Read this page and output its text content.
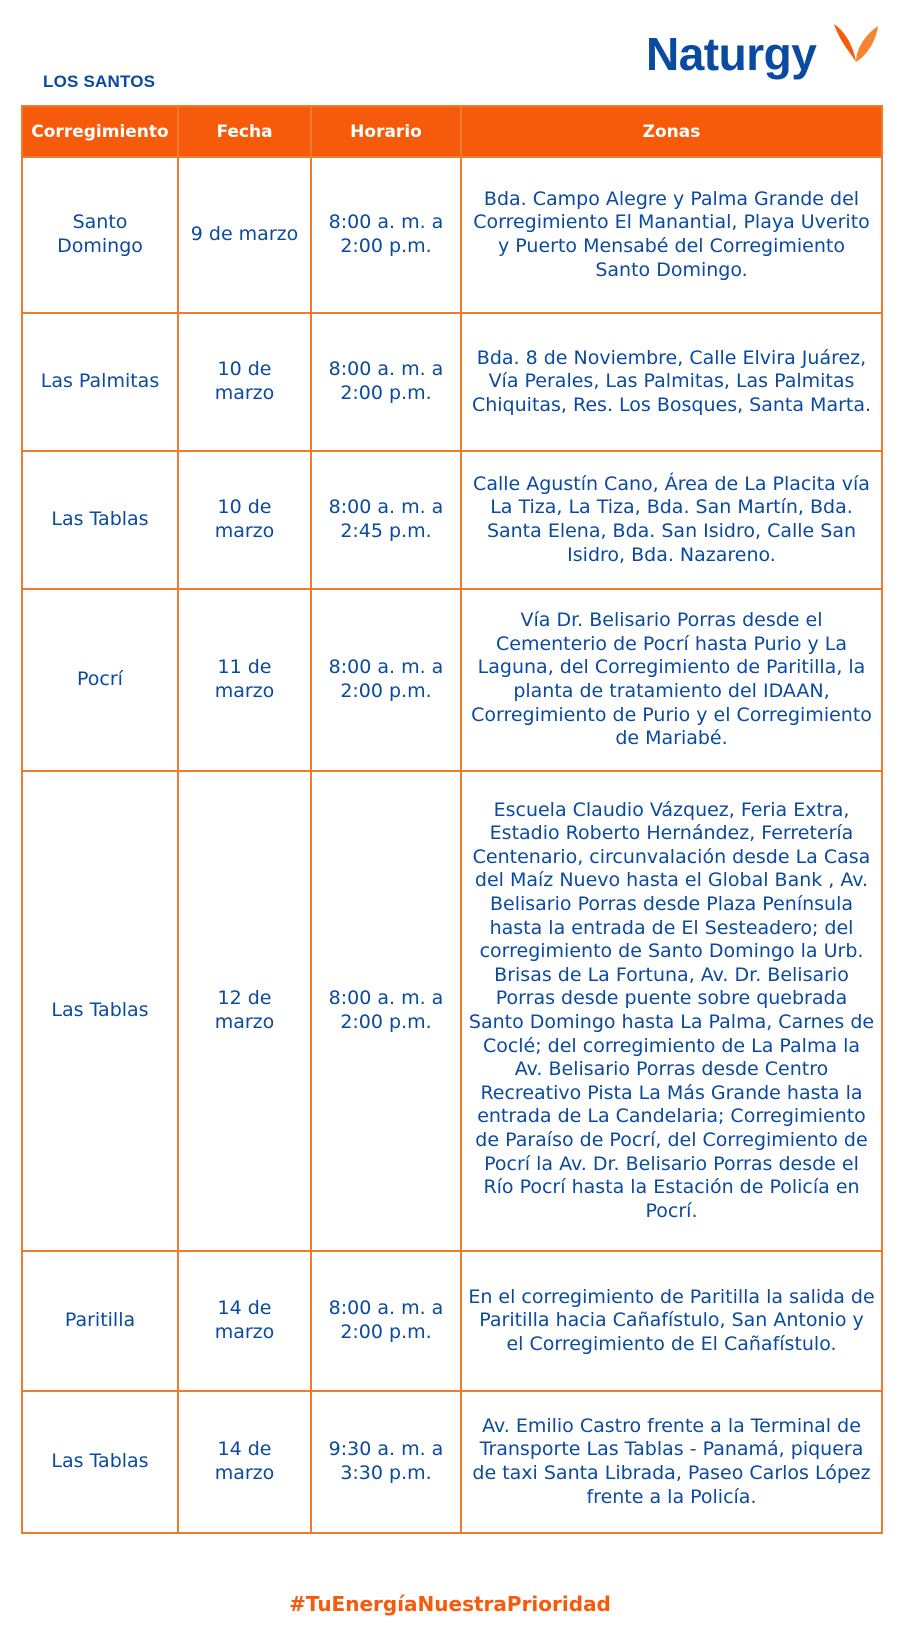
LOS SANTOS
Naturgy
Corregimiento	Fecha	Horario	Zonas
Santo Domingo	9 de marzo	8:00 a. m. a 2:00 p.m.	Bda. Campo Alegre y Palma Grande del Corregimiento El Manantial, Playa Uverito y Puerto Mensabé del Corregimiento Santo Domingo.
Las Palmitas	10 de marzo	8:00 a. m. a 2:00 p.m.	Bda. 8 de Noviembre, Calle Elvira Juárez, Vía Perales, Las Palmitas, Las Palmitas Chiquitas, Res. Los Bosques, Santa Marta.
Las Tablas	10 de marzo	8:00 a. m. a 2:45 p.m.	Calle Agustín Cano, Área de La Placita vía La Tiza, La Tiza, Bda. San Martín, Bda. Santa Elena, Bda. San Isidro, Calle San Isidro, Bda. Nazareno.
Pocrí	11 de marzo	8:00 a. m. a 2:00 p.m.	Vía Dr. Belisario Porras desde el Cementerio de Pocrí hasta Purio y La Laguna, del Corregimiento de Paritilla, la planta de tratamiento del IDAAN, Corregimiento de Purio y el Corregimiento de Mariabé.
Las Tablas	12 de marzo	8:00 a. m. a 2:00 p.m.	Escuela Claudio Vázquez, Feria Extra, Estadio Roberto Hernández, Ferretería Centenario, circunvalación desde La Casa del Maíz Nuevo hasta el Global Bank , Av. Belisario Porras desde Plaza Península hasta la entrada de El Sesteadero; del corregimiento de Santo Domingo la Urb. Brisas de La Fortuna, Av. Dr. Belisario Porras desde puente sobre quebrada Santo Domingo hasta La Palma, Carnes de Coclé; del corregimiento de La Palma la Av. Belisario Porras desde Centro Recreativo Pista La Más Grande hasta la entrada de La Candelaria; Corregimiento de Paraíso de Pocrí, del Corregimiento de Pocrí la Av. Dr. Belisario Porras desde el Río Pocrí hasta la Estación de Policía en Pocrí.
Paritilla	14 de marzo	8:00 a. m. a 2:00 p.m.	En el corregimiento de Paritilla la salida de Paritilla hacia Cañafístulo, San Antonio y el Corregimiento de El Cañafístulo.
Las Tablas	14 de marzo	9:30 a. m. a 3:30 p.m.	Av. Emilio Castro frente a la Terminal de Transporte Las Tablas - Panamá, piquera de taxi Santa Librada, Paseo Carlos López frente a la Policía.
#TuEnergíaNuestraPrioridad
